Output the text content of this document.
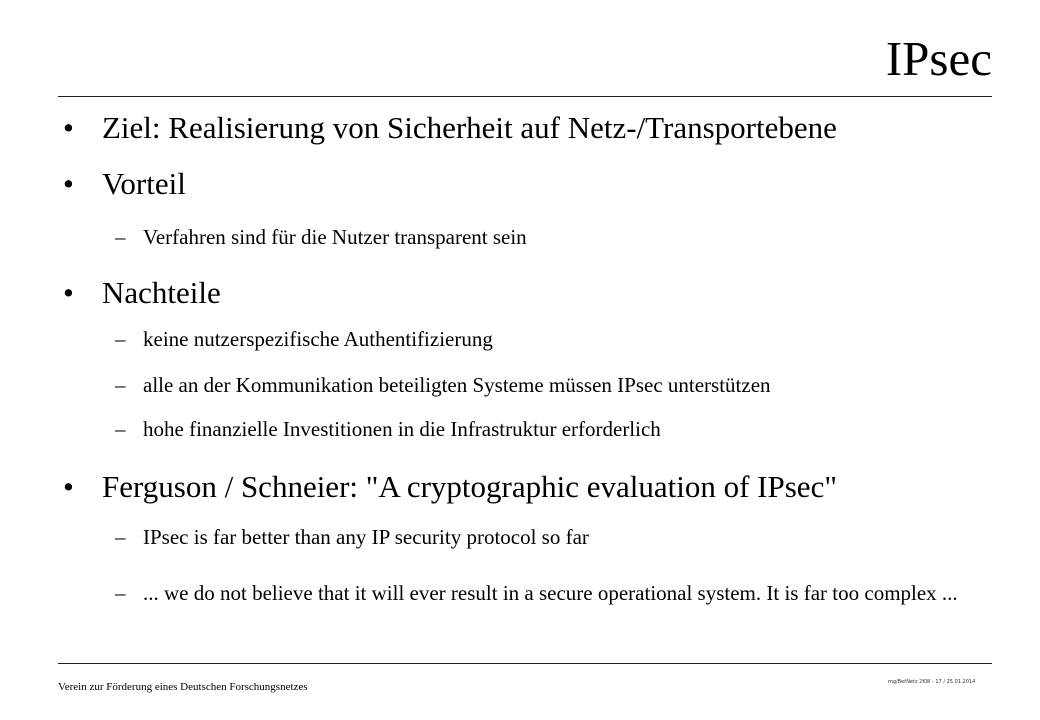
IPsec
• Ziel: Realisierung von Sicherheit auf Netz-/Transportebene
• Vorteil
– Verfahren sind für die Nutzer transparent sein
• Nachteile
– keine nutzerspezifische Authentifizierung
– alle an der Kommunikation beteiligten Systeme müssen IPsec unterstützen
– hohe finanzielle Investitionen in die Infrastruktur erforderlich
• Ferguson / Schneier: "A cryptographic evaluation of IPsec"
– IPsec is far better than any IP security protocol so far
– ... we do not believe that it will ever result in a secure operational system. It is far too complex ...
Verein zur Förderung eines Deutschen Forschungsnetzes	mg/BetNetz 2KW - 17 / 25.01.2014
